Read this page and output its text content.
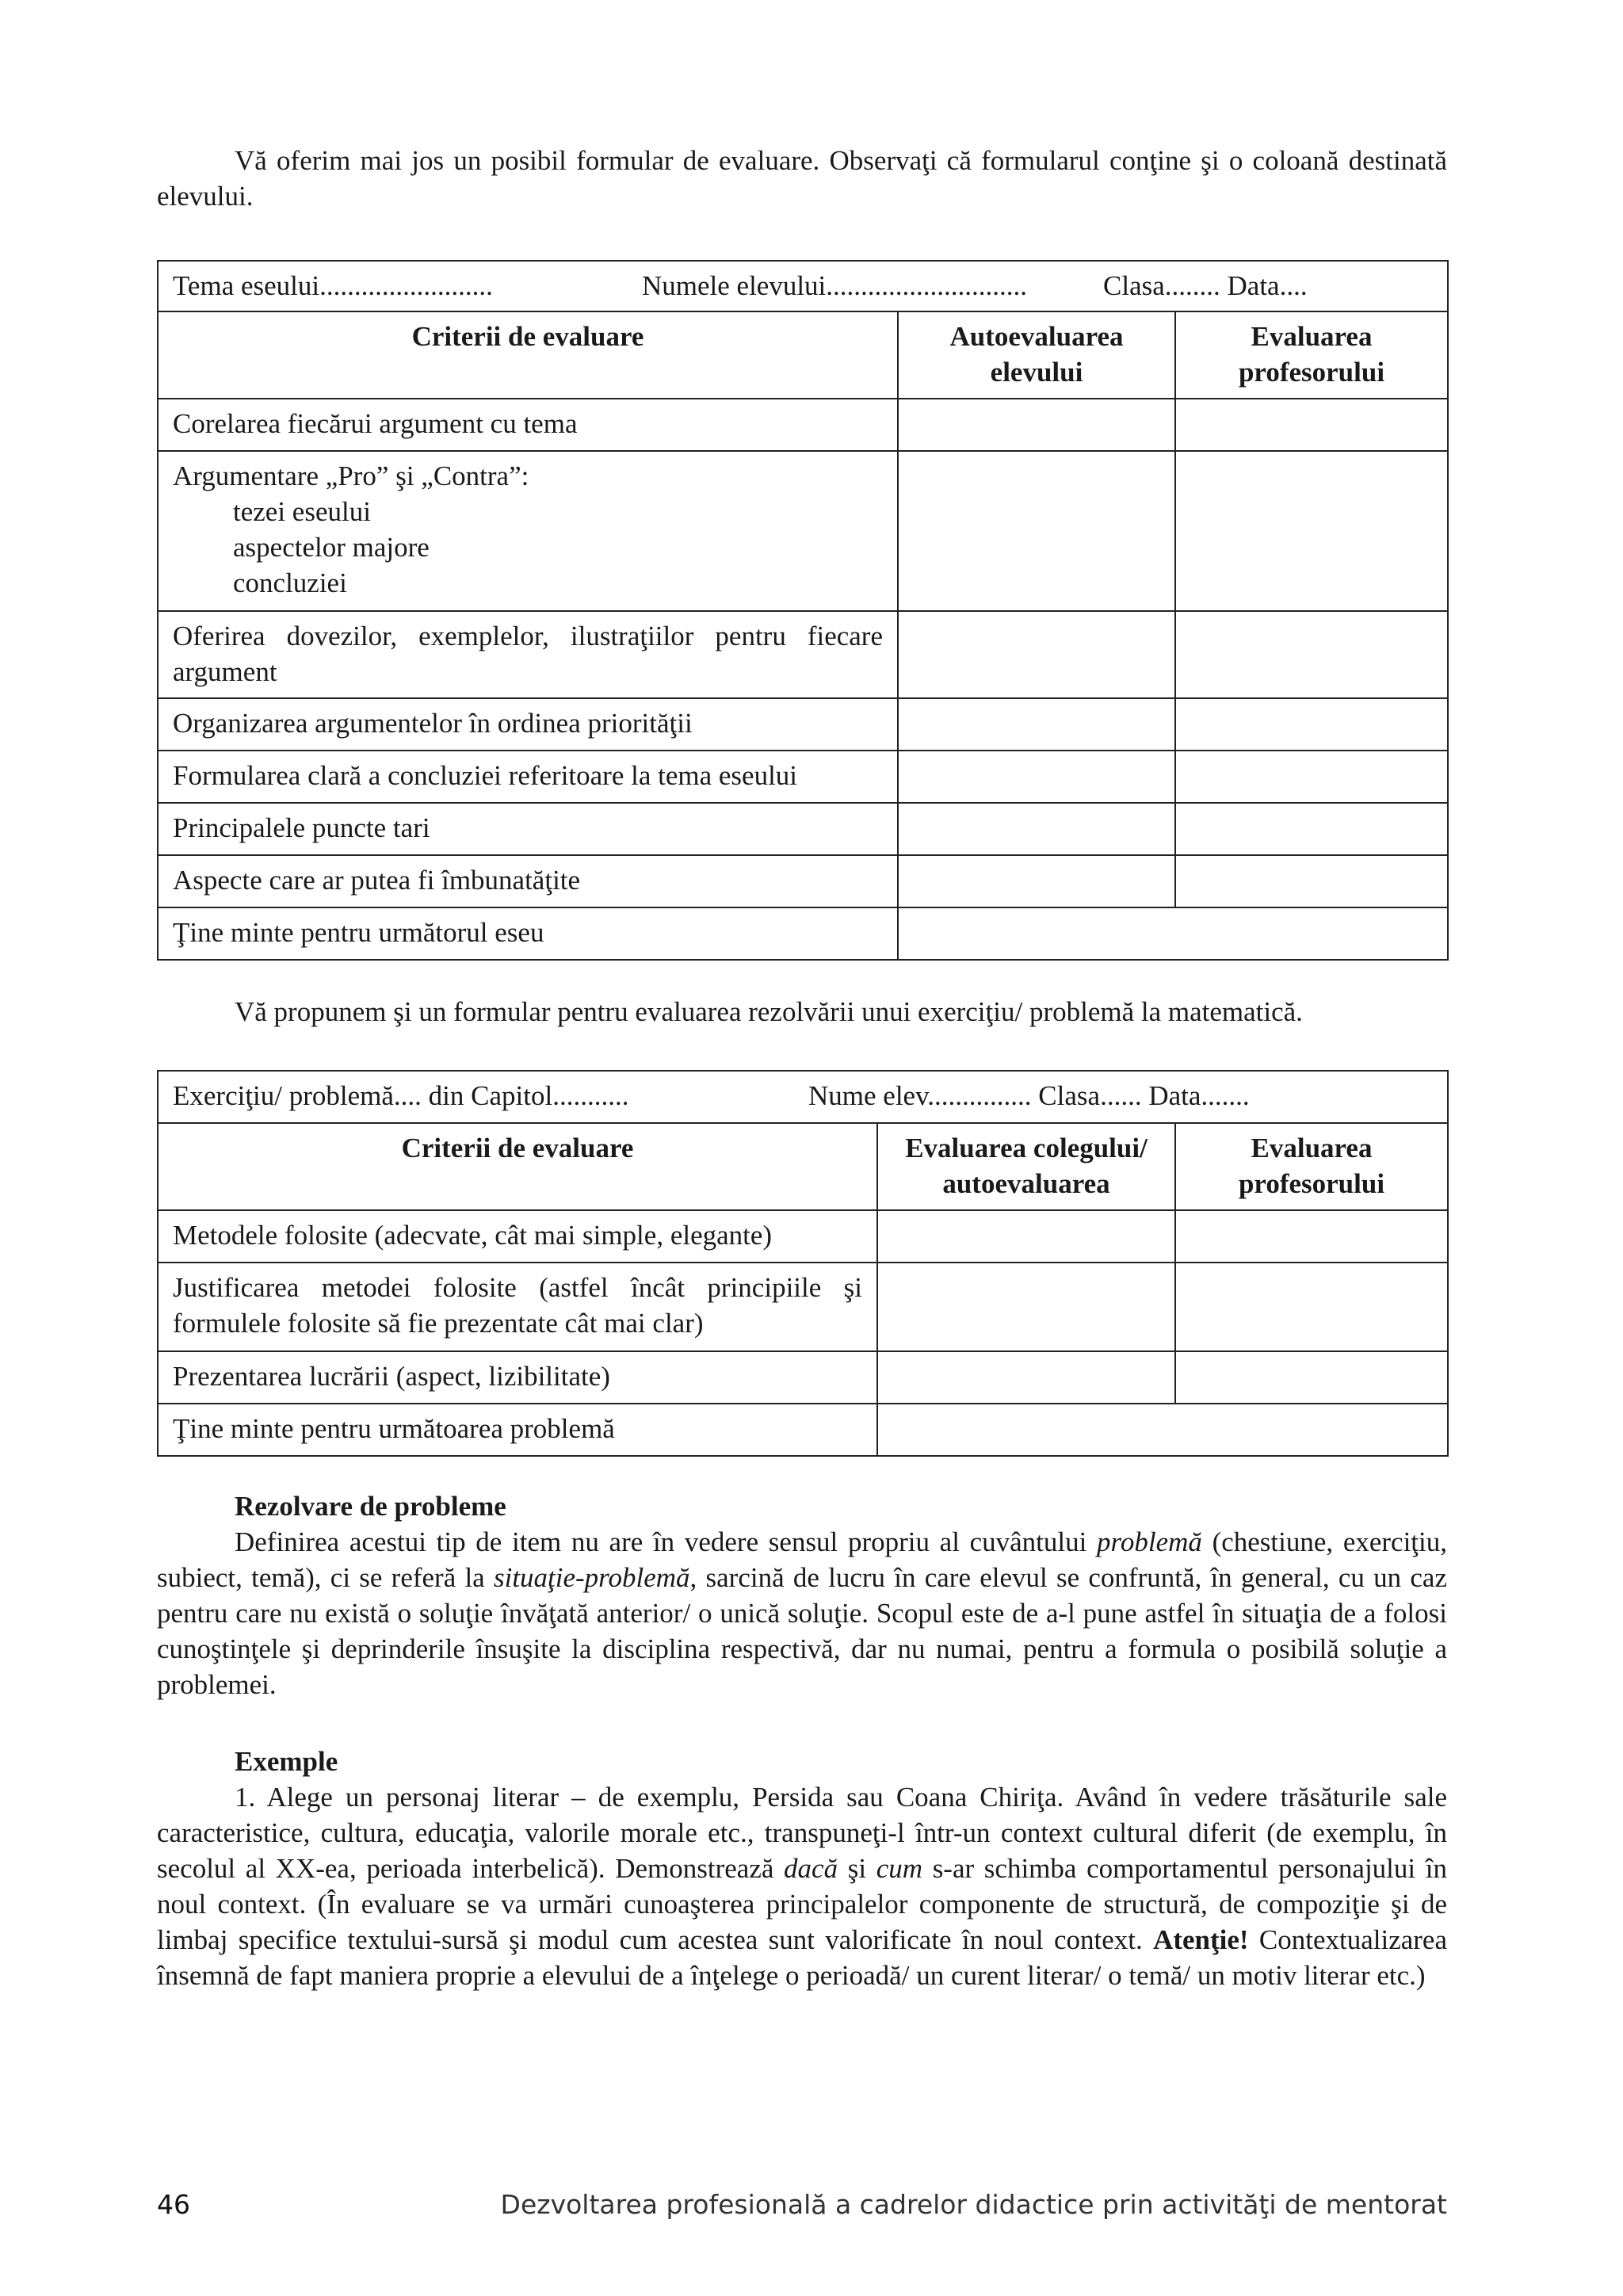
Vă oferim mai jos un posibil formular de evaluare. Observaţi că formularul conţine şi o coloană destinată elevului.

Tema eseului......................... Numele elevului............................. Clasa........ Data....		

Criterii de evaluare	Autoevaluarea elevului	Evaluarea profesorului
Corelarea fiecărui argument cu tema		
Argumentare „Pro” şi „Contra”:
tezei eseului
aspectelor majore
concluziei		

Oferirea dovezilor, exemplelor, ilustraţiilor pentru fiecare argument		
Organizarea argumentelor în ordinea priorităţii		
Formularea clară a concluziei referitoare la tema eseului		
Principalele puncte tari		
Aspecte care ar putea fi îmbunatăţite		
Ţine minte pentru următorul eseu		

Vă propunem şi un formular pentru evaluarea rezolvării unui exerciţiu/ problemă la matematică.

Exerciţiu/ problemă.... din Capitol........... Nume elev............... Clasa...... Data.......		

Criterii de evaluare	Evaluarea colegului/ autoevaluarea	Evaluarea profesorului
Metodele folosite (adecvate, cât mai simple, elegante)		
Justificarea metodei folosite (astfel încât principiile şi formulele folosite să fie prezentate cât mai clar)		
Prezentarea lucrării (aspect, lizibilitate)		
Ţine minte pentru următoarea problemă		

Rezolvare de probleme

Definirea acestui tip de item nu are în vedere sensul propriu al cuvântului problemă (chestiune, exerciţiu, subiect, temă), ci se referă la situaţie-problemă, sarcină de lucru în care elevul se confruntă, în general, cu un caz pentru care nu există o soluţie învăţată anterior/ o unică soluţie. Scopul este de a-l pune astfel în situaţia de a folosi cunoştinţele şi deprinderile însuşite la disciplina respectivă, dar nu numai, pentru a formula o posibilă soluţie a problemei.

Exemple

1. Alege un personaj literar – de exemplu, Persida sau Coana Chiriţa. Având în vedere trăsăturile sale caracteristice, cultura, educaţia, valorile morale etc., transpuneţi-l într-un context cultural diferit (de exemplu, în secolul al XX-ea, perioada interbelică). Demonstrează dacă şi cum s-ar schimba comportamentul personajului în noul context. (În evaluare se va urmări cunoaşterea principalelor componente de structură, de compoziţie şi de limbaj specifice textului-sursă şi modul cum acestea sunt valorificate în noul context. Atenţie! Contextualizarea însemnă de fapt maniera proprie a elevului de a înţelege o perioadă/ un curent literar/ o temă/ un motiv literar etc.)

46	Dezvoltarea profesională a cadrelor didactice prin activităţi de mentorat
